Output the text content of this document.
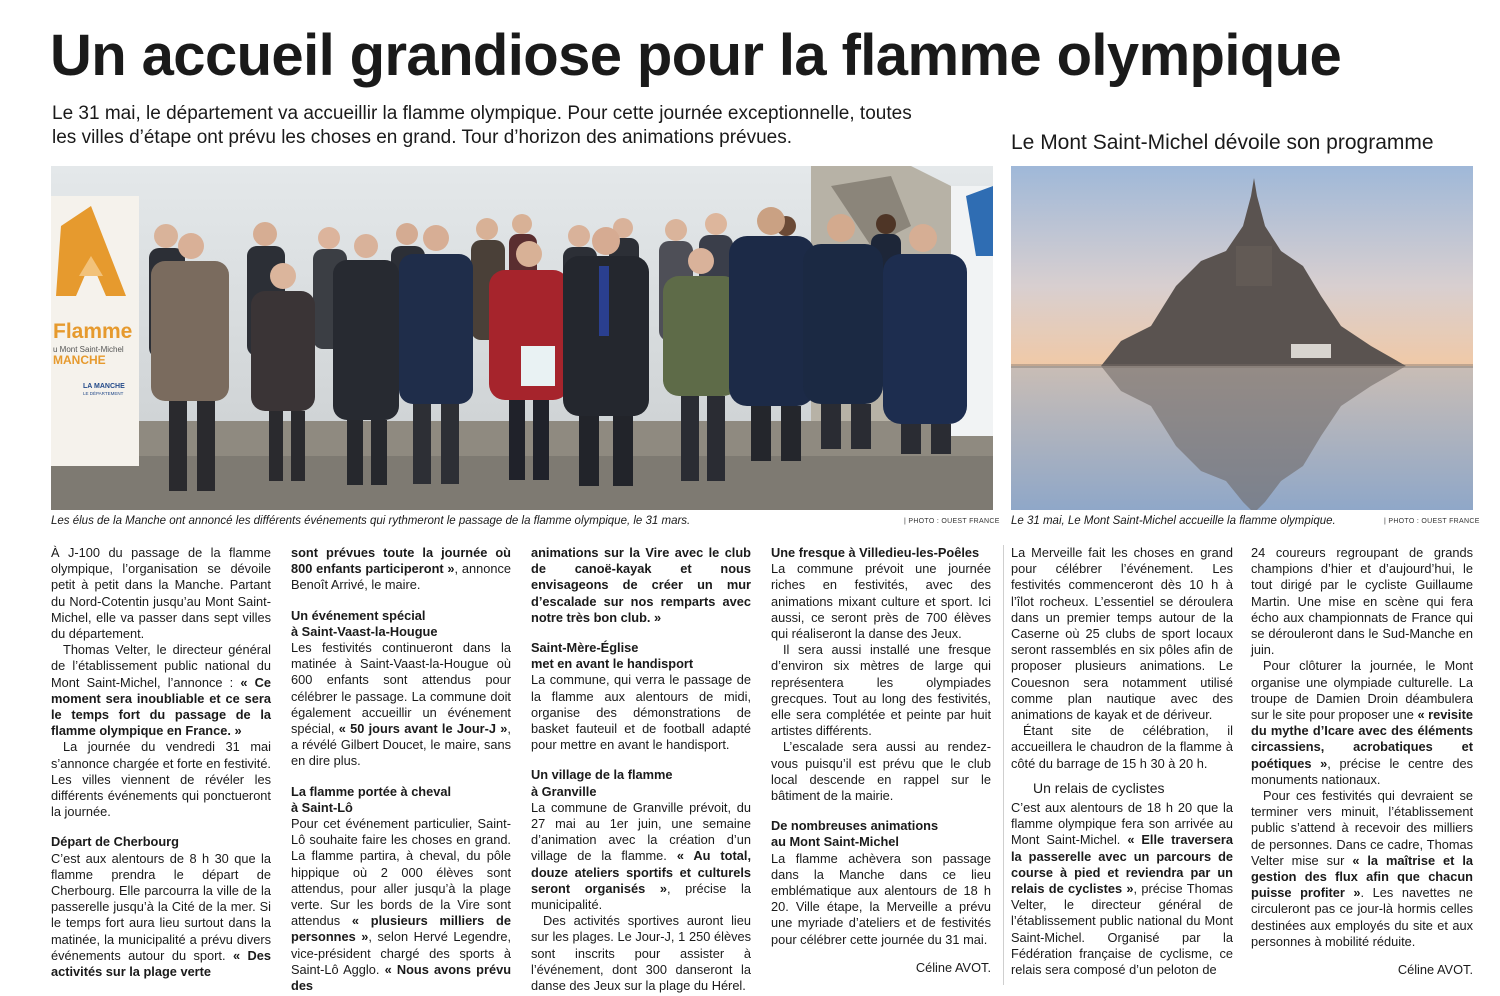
Un accueil grandiose pour la flamme olympique

Le 31 mai, le département va accueillir la flamme olympique. Pour cette journée exceptionnelle, toutes les villes d’étape ont prévu les choses en grand. Tour d’horizon des animations prévues.	Le Mont Saint-Michel dévoile son programme
Flamme
u Mont Saint-Michel
MANCHE
LA MANCHE
LE DÉPARTEMENT
Les élus de la Manche ont annoncé les différents événements qui rythmeront le passage de la flamme olympique, le 31 mars.	| PHOTO : OUEST FRANCE Le 31 mai, Le Mont Saint-Michel accueille la flamme olympique.	| PHOTO : OUEST FRANCE

À J-100 du passage de la flamme olympique, l’organisation se dévoile petit à petit dans la Manche. Partant du Nord-Cotentin jusqu’au Mont Saint-Michel, elle va passer dans sept villes du département.

Thomas Velter, le directeur général de l’établissement public national du Mont Saint-Michel, l’annonce : « Ce moment sera inoubliable et ce sera le temps fort du passage de la flamme olympique en France. »

La journée du vendredi 31 mai s’annonce chargée et forte en festivité. Les villes viennent de révéler les différents événements qui ponctueront la journée.

Départ de Cherbourg

C’est aux alentours de 8 h 30 que la flamme prendra le départ de Cherbourg. Elle parcourra la ville de la passerelle jusqu’à la Cité de la mer. Si le temps fort aura lieu surtout dans la matinée, la municipalité a prévu divers événements autour du sport. « Des activités sur la plage verte

sont prévues toute la journée où 800 enfants participeront », annonce Benoît Arrivé, le maire.

Un événement spécial
à Saint-Vaast-la-Hougue

Les festivités continueront dans la matinée à Saint-Vaast-la-Hougue où 600 enfants sont attendus pour célébrer le passage. La commune doit également accueillir un événement spécial, « 50 jours avant le Jour-J », a révélé Gilbert Doucet, le maire, sans en dire plus.

La flamme portée à cheval
à Saint-Lô

Pour cet événement particulier, Saint-Lô souhaite faire les choses en grand. La flamme partira, à cheval, du pôle hippique où 2 000 élèves sont attendus, pour aller jusqu’à la plage verte. Sur les bords de la Vire sont attendus « plusieurs milliers de personnes », selon Hervé Legendre, vice-président chargé des sports à Saint-Lô Agglo. « Nous avons prévu des

animations sur la Vire avec le club de canoë-kayak et nous envisageons de créer un mur d’escalade sur nos remparts avec notre très bon club. »

Saint-Mère-Église
met en avant le handisport

La commune, qui verra le passage de la flamme aux alentours de midi, organise des démonstrations de basket fauteuil et de football adapté pour mettre en avant le handisport.

Un village de la flamme
à Granville

La commune de Granville prévoit, du 27 mai au 1er juin, une semaine d’animation avec la création d’un village de la flamme. « Au total, douze ateliers sportifs et culturels seront organisés », précise la municipalité.

Des activités sportives auront lieu sur les plages. Le Jour-J, 1 250 élèves sont inscrits pour assister à l’événement, dont 300 danseront la danse des Jeux sur la plage du Hérel.

Une fresque à Villedieu-les-Poêles

La commune prévoit une journée riches en festivités, avec des animations mixant culture et sport. Ici aussi, ce seront près de 700 élèves qui réaliseront la danse des Jeux.

Il sera aussi installé une fresque d’environ six mètres de large qui représentera les olympiades grecques. Tout au long des festivités, elle sera complétée et peinte par huit artistes différents.

L’escalade sera aussi au rendez-vous puisqu’il est prévu que le club local descende en rappel sur le bâtiment de la mairie.

De nombreuses animations
au Mont Saint-Michel

La flamme achèvera son passage dans la Manche dans ce lieu emblématique aux alentours de 18 h 20. Ville étape, la Merveille a prévu une myriade d’ateliers et de festivités pour célébrer cette journée du 31 mai.

Céline AVOT.

La Merveille fait les choses en grand pour célébrer l’événement. Les festivités commenceront dès 10 h à l’îlot rocheux. L’essentiel se déroulera dans un premier temps autour de la Caserne où 25 clubs de sport locaux seront rassemblés en six pôles afin de proposer plusieurs animations. Le Couesnon sera notamment utilisé comme plan nautique avec des animations de kayak et de dériveur.

Étant site de célébration, il accueillera le chaudron de la flamme à côté du barrage de 15 h 30 à 20 h.

Un relais de cyclistes

C’est aux alentours de 18 h 20 que la flamme olympique fera son arrivée au Mont Saint-Michel. « Elle traversera la passerelle avec un parcours de course à pied et reviendra par un relais de cyclistes », précise Thomas Velter, le directeur général de l’établissement public national du Mont Saint-Michel. Organisé par la Fédération française de cyclisme, ce relais sera composé d’un peloton de

24 coureurs regroupant de grands champions d’hier et d’aujourd’hui, le tout dirigé par le cycliste Guillaume Martin. Une mise en scène qui fera écho aux championnats de France qui se dérouleront dans le Sud-Manche en juin.

Pour clôturer la journée, le Mont organise une olympiade culturelle. La troupe de Damien Droin déambulera sur le site pour proposer une « revisite du mythe d’Icare avec des éléments circassiens, acrobatiques et poétiques », précise le centre des monuments nationaux.

Pour ces festivités qui devraient se terminer vers minuit, l’établissement public s’attend à recevoir des milliers de personnes. Dans ce cadre, Thomas Velter mise sur « la maîtrise et la gestion des flux afin que chacun puisse profiter ». Les navettes ne circuleront pas ce jour-là hormis celles destinées aux employés du site et aux personnes à mobilité réduite.

Céline AVOT.
